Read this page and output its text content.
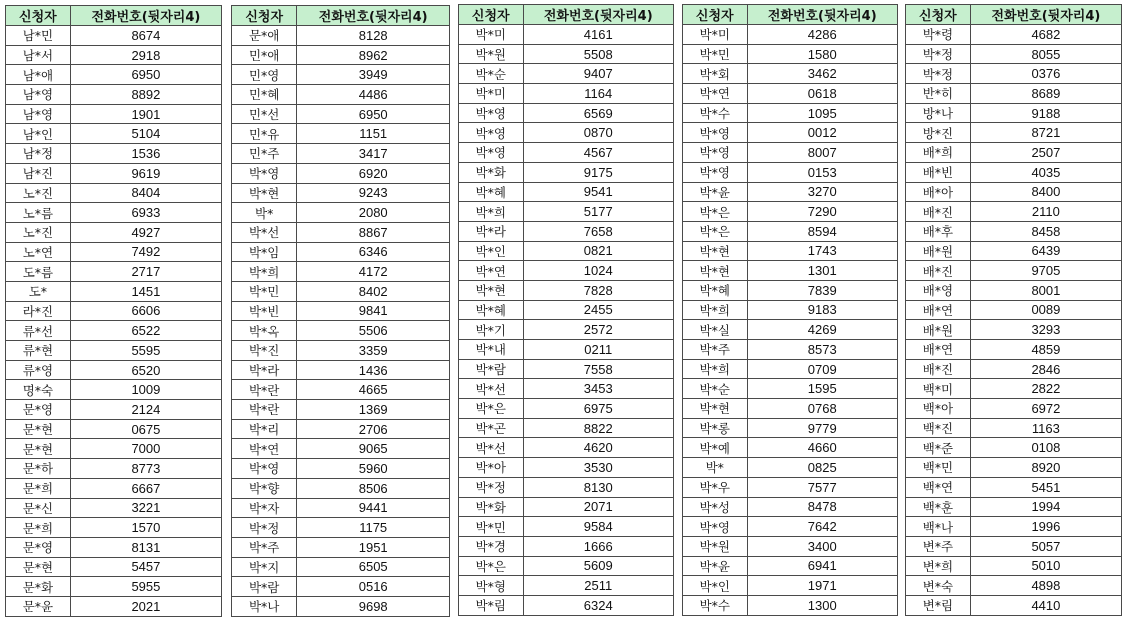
신청자	전화번호(뒷자리4)
남*민	8674
남*서	2918
남*애	6950
남*영	8892
남*영	1901
남*인	5104
남*정	1536
남*진	9619
노*진	8404
노*름	6933
노*진	4927
노*연	7492
도*름	2717
도*	1451
라*진	6606
류*선	6522
류*현	5595
류*영	6520
명*숙	1009
문*영	2124
문*현	0675
문*현	7000
문*하	8773
문*희	6667
문*신	3221
문*희	1570
문*영	8131
문*현	5457
문*화	5955
문*윤	2021
신청자	전화번호(뒷자리4)
문*애	8128
민*애	8962
민*영	3949
민*혜	4486
민*선	6950
민*유	1151
민*주	3417
박*영	6920
박*현	9243
박*	2080
박*선	8867
박*임	6346
박*희	4172
박*민	8402
박*빈	9841
박*옥	5506
박*진	3359
박*라	1436
박*란	4665
박*란	1369
박*리	2706
박*연	9065
박*영	5960
박*향	8506
박*자	9441
박*정	1175
박*주	1951
박*지	6505
박*람	0516
박*나	9698
신청자	전화번호(뒷자리4)
박*미	4161
박*원	5508
박*순	9407
박*미	1164
박*영	6569
박*영	0870
박*영	4567
박*화	9175
박*혜	9541
박*희	5177
박*라	7658
박*인	0821
박*연	1024
박*현	7828
박*혜	2455
박*기	2572
박*내	0211
박*람	7558
박*선	3453
박*은	6975
박*곤	8822
박*선	4620
박*아	3530
박*정	8130
박*화	2071
박*민	9584
박*경	1666
박*은	5609
박*형	2511
박*림	6324
신청자	전화번호(뒷자리4)
박*미	4286
박*민	1580
박*회	3462
박*연	0618
박*수	1095
박*영	0012
박*영	8007
박*영	0153
박*윤	3270
박*은	7290
박*은	8594
박*현	1743
박*현	1301
박*혜	7839
박*희	9183
박*실	4269
박*주	8573
박*희	0709
박*순	1595
박*현	0768
박*롱	9779
박*예	4660
박*	0825
박*우	7577
박*성	8478
박*영	7642
박*원	3400
박*윤	6941
박*인	1971
박*수	1300
신청자	전화번호(뒷자리4)
박*령	4682
박*정	8055
박*정	0376
반*히	8689
방*나	9188
방*진	8721
배*희	2507
배*빈	4035
배*아	8400
배*진	2110
배*후	8458
배*원	6439
배*진	9705
배*영	8001
배*연	0089
배*원	3293
배*연	4859
배*진	2846
백*미	2822
백*아	6972
백*진	1163
백*준	0108
백*민	8920
백*연	5451
백*훈	1994
백*나	1996
변*주	5057
변*희	5010
변*숙	4898
변*림	4410
